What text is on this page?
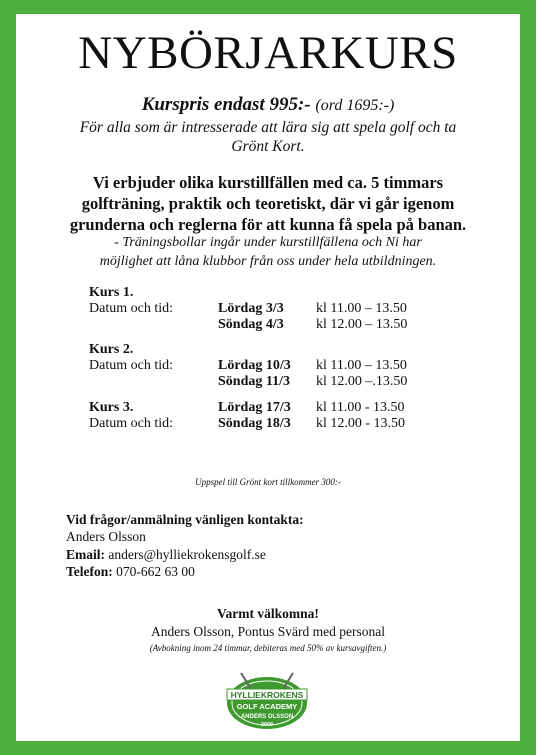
NYBÖRJARKURS
Kurspris endast 995:- (ord 1695:-)
För alla som är intresserade att lära sig att spela golf och ta
Grönt Kort.
Vi erbjuder olika kurstillfällen med ca. 5 timmars
golfträning, praktik och teoretiskt, där vi går igenom
grunderna och reglerna för att kunna få spela på banan.
- Träningsbollar ingår under kurstillfällena och Ni har
möjlighet att låna klubbor från oss under hela utbildningen.
Kurs 1.
Datum och tid:	Lördag 3/3 kl 11.00 – 13.50
Söndag 4/3 kl 12.00 – 13.50
Kurs 2.
Datum och tid:	Lördag 10/3 kl 11.00 – 13.50
Söndag 11/3 kl 12.00 –.13.50
Kurs 3.	Lördag 17/3 kl 11.00 - 13.50
Datum och tid:	Söndag 18/3 kl 12.00 - 13.50
Uppspel till Grönt kort tillkommer 300:-
Vid frågor/anmälning vänligen kontakta:
Anders Olsson
Email: anders@hylliekrokensgolf.se
Telefon: 070-662 63 00
Varmt välkomna!
Anders Olsson, Pontus Svärd med personal
(Avbokning inom 24 timmar, debiteras med 50% av kursavgiften.)
HYLLIEKROKENS
GOLF ACADEMY
ANDERS OLSSON
2009
